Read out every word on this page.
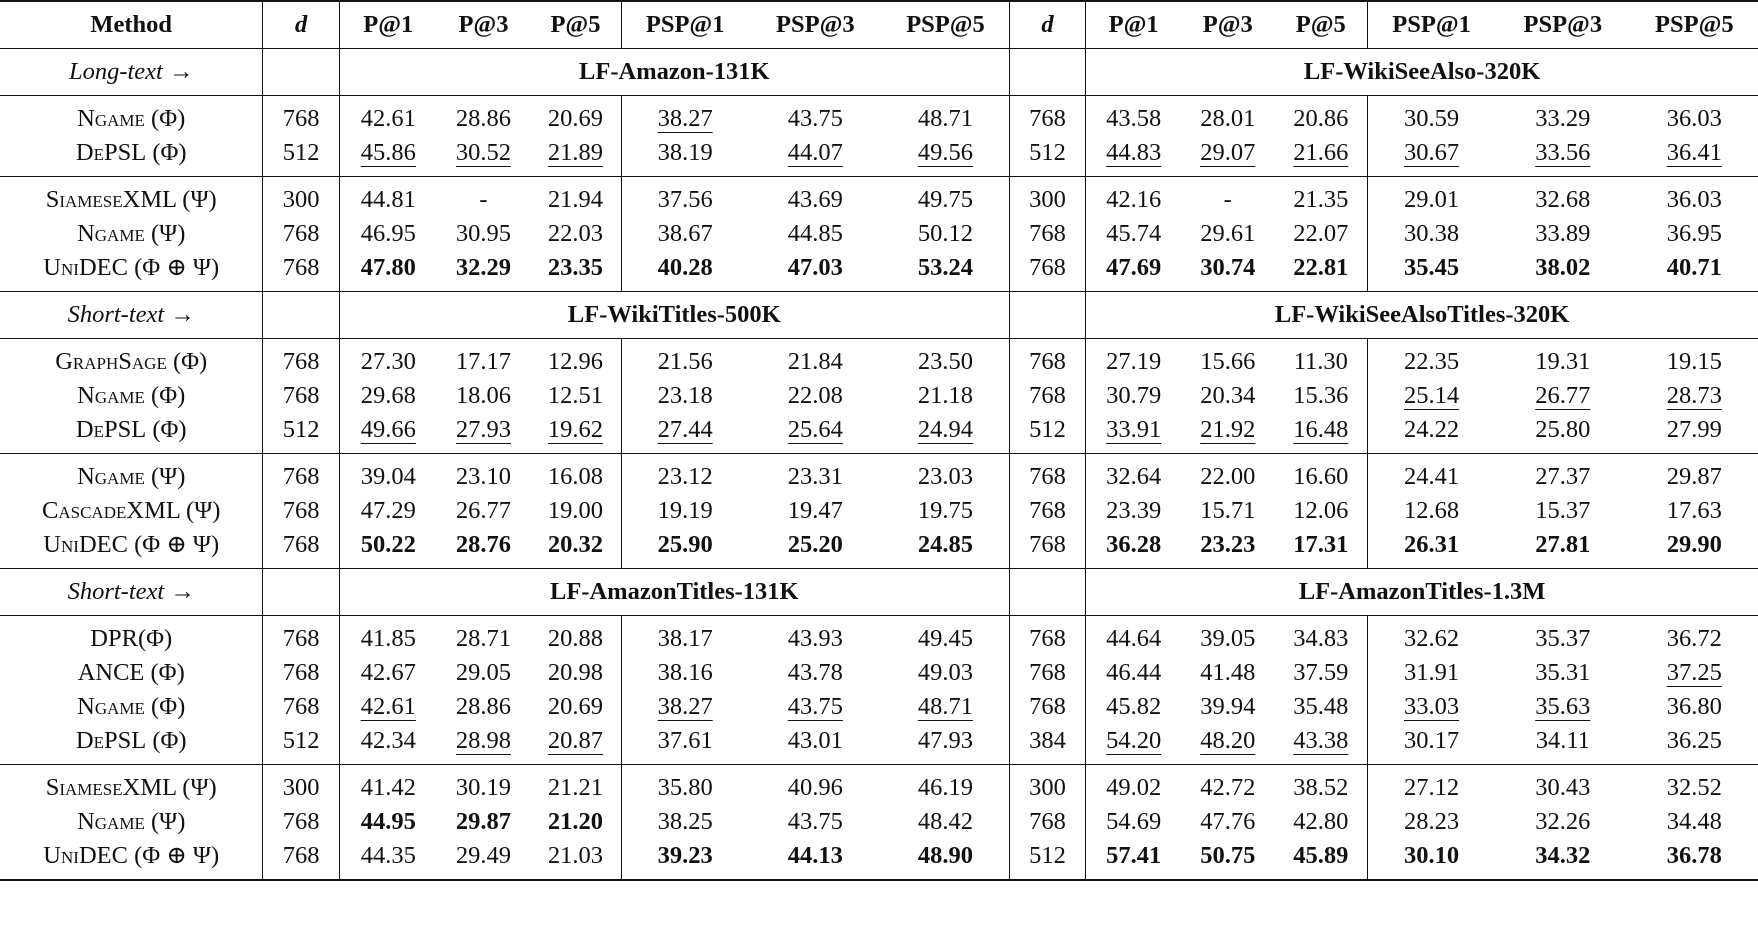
Method	d	P@1	P@3	P@5	PSP@1	PSP@3	PSP@5	d	P@1	P@3	P@5	PSP@1	PSP@3	PSP@5
Long-text →		LF-Amazon-131K							LF-WikiSeeAlso-320K					
Ngame (Φ)	768	42.61	28.86	20.69	38.27	43.75	48.71	768	43.58	28.01	20.86	30.59	33.29	36.03
DePSL (Φ)	512	45.86	30.52	21.89	38.19	44.07	49.56	512	44.83	29.07	21.66	30.67	33.56	36.41
SiameseXML (Ψ)	300	44.81	-	21.94	37.56	43.69	49.75	300	42.16	-	21.35	29.01	32.68	36.03
Ngame (Ψ)	768	46.95	30.95	22.03	38.67	44.85	50.12	768	45.74	29.61	22.07	30.38	33.89	36.95
UniDEC (Φ ⊕ Ψ)	768	47.80	32.29	23.35	40.28	47.03	53.24	768	47.69	30.74	22.81	35.45	38.02	40.71
Short-text →		LF-WikiTitles-500K							LF-WikiSeeAlsoTitles-320K					
GraphSage (Φ)	768	27.30	17.17	12.96	21.56	21.84	23.50	768	27.19	15.66	11.30	22.35	19.31	19.15
Ngame (Φ)	768	29.68	18.06	12.51	23.18	22.08	21.18	768	30.79	20.34	15.36	25.14	26.77	28.73
DePSL (Φ)	512	49.66	27.93	19.62	27.44	25.64	24.94	512	33.91	21.92	16.48	24.22	25.80	27.99
Ngame (Ψ)	768	39.04	23.10	16.08	23.12	23.31	23.03	768	32.64	22.00	16.60	24.41	27.37	29.87
CascadeXML (Ψ)	768	47.29	26.77	19.00	19.19	19.47	19.75	768	23.39	15.71	12.06	12.68	15.37	17.63
UniDEC (Φ ⊕ Ψ)	768	50.22	28.76	20.32	25.90	25.20	24.85	768	36.28	23.23	17.31	26.31	27.81	29.90
Short-text →		LF-AmazonTitles-131K							LF-AmazonTitles-1.3M					
DPR(Φ)	768	41.85	28.71	20.88	38.17	43.93	49.45	768	44.64	39.05	34.83	32.62	35.37	36.72
ANCE (Φ)	768	42.67	29.05	20.98	38.16	43.78	49.03	768	46.44	41.48	37.59	31.91	35.31	37.25
Ngame (Φ)	768	42.61	28.86	20.69	38.27	43.75	48.71	768	45.82	39.94	35.48	33.03	35.63	36.80
DePSL (Φ)	512	42.34	28.98	20.87	37.61	43.01	47.93	384	54.20	48.20	43.38	30.17	34.11	36.25
SiameseXML (Ψ)	300	41.42	30.19	21.21	35.80	40.96	46.19	300	49.02	42.72	38.52	27.12	30.43	32.52
Ngame (Ψ)	768	44.95	29.87	21.20	38.25	43.75	48.42	768	54.69	47.76	42.80	28.23	32.26	34.48
UniDEC (Φ ⊕ Ψ)	768	44.35	29.49	21.03	39.23	44.13	48.90	512	57.41	50.75	45.89	30.10	34.32	36.78
